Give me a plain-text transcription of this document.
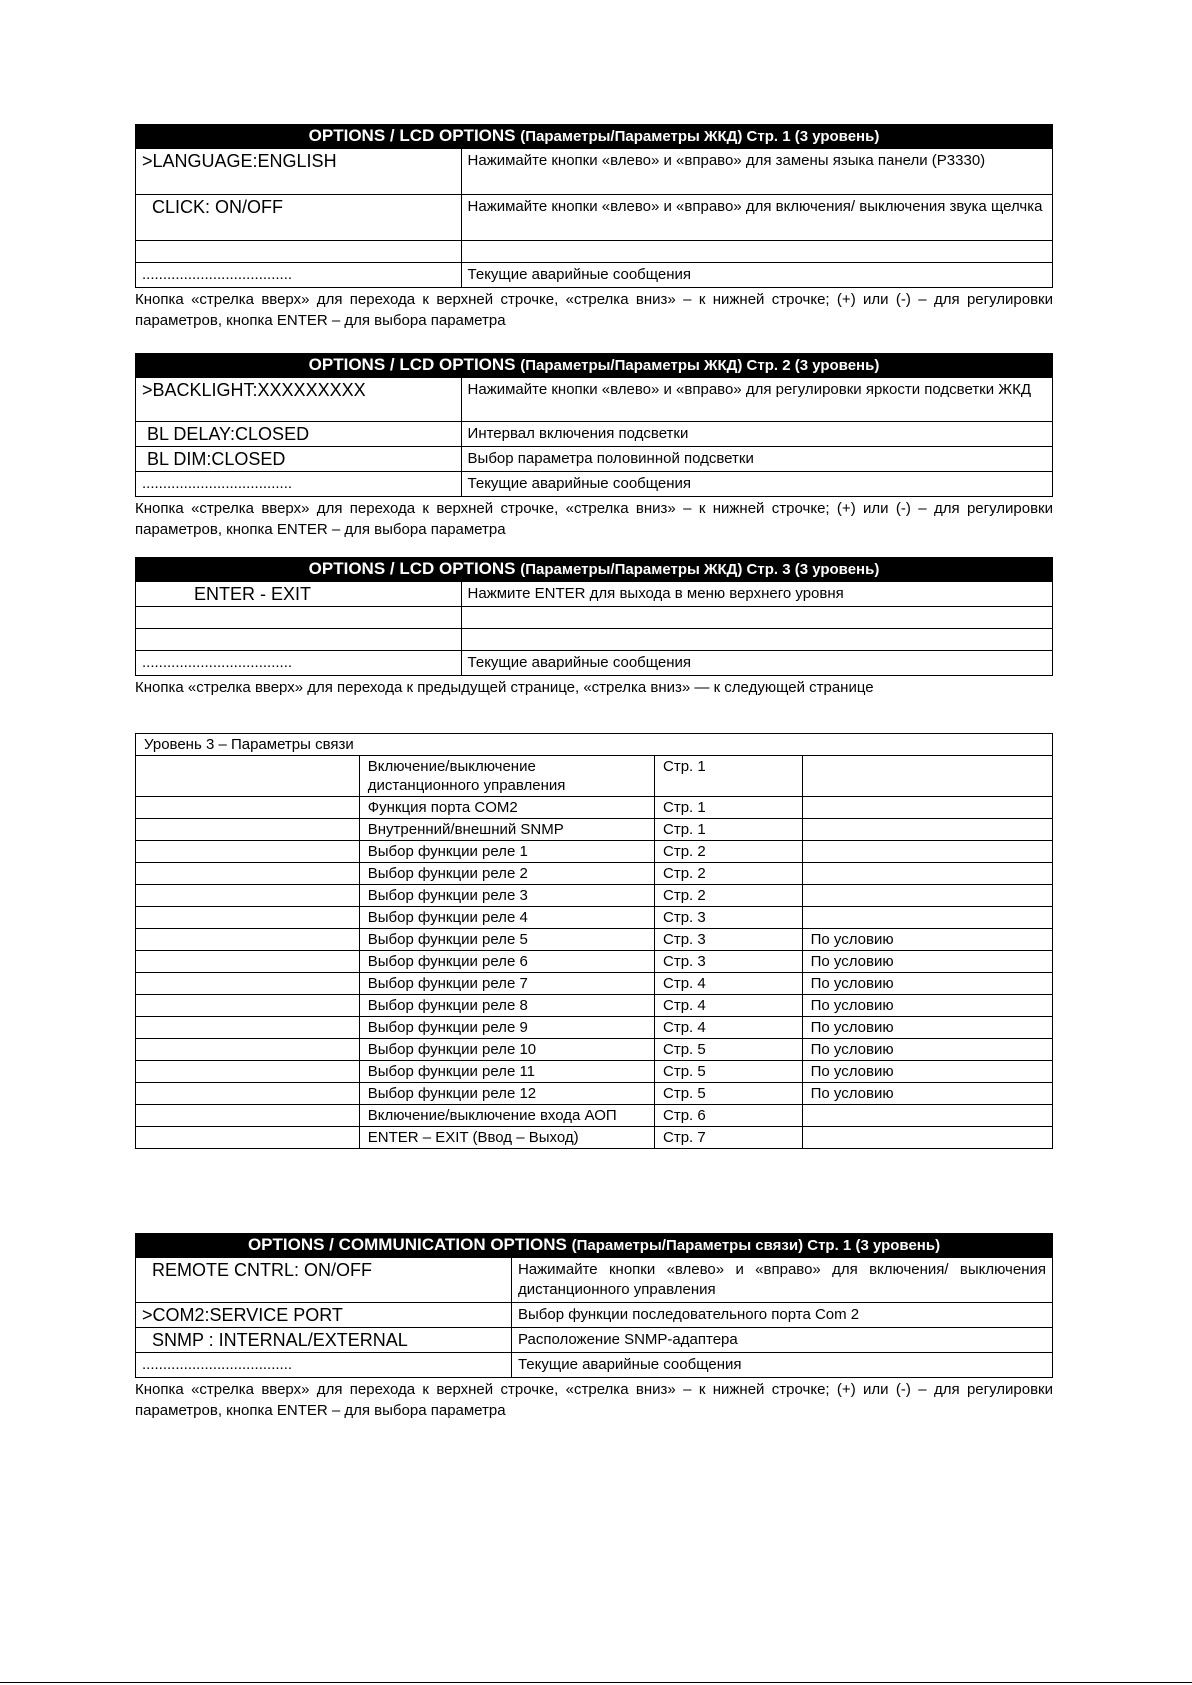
OPTIONS / LCD OPTIONS (Параметры/Параметры ЖКД) Стр. 1 (3 уровень)	
>LANGUAGE:ENGLISH	Нажимайте кнопки «влево» и «вправо» для замены языка панели (P3330)
CLICK: ON/OFF	Нажимайте кнопки «влево» и «вправо» для включения/ выключения звука щелчка

....................................	Текущие аварийные сообщения
Кнопка «стрелка вверх» для перехода к верхней строчке, «стрелка вниз» – к нижней строчке; (+) или (-) – для регулировки параметров, кнопка ENTER – для выбора параметра
OPTIONS / LCD OPTIONS (Параметры/Параметры ЖКД) Стр. 2 (3 уровень)	
>BACKLIGHT:XXXXXXXXX	Нажимайте кнопки «влево» и «вправо» для регулировки яркости подсветки ЖКД
BL DELAY:CLOSED	Интервал включения подсветки
BL DIM:CLOSED	Выбор параметра половинной подсветки
....................................	Текущие аварийные сообщения
Кнопка «стрелка вверх» для перехода к верхней строчке, «стрелка вниз» – к нижней строчке; (+) или (-) – для регулировки параметров, кнопка ENTER – для выбора параметра
OPTIONS / LCD OPTIONS (Параметры/Параметры ЖКД) Стр. 3 (3 уровень)	
ENTER - EXIT	Нажмите ENTER для выхода в меню верхнего уровня

....................................	Текущие аварийные сообщения
Кнопка «стрелка вверх» для перехода к предыдущей странице, «стрелка вниз» — к следующей странице
Уровень 3 – Параметры связи			
	Включение/выключение дистанционного управления	Стр. 1	
	Функция порта COM2	Стр. 1	
	Внутренний/внешний SNMP	Стр. 1	
	Выбор функции реле 1	Стр. 2	
	Выбор функции реле 2	Стр. 2	
	Выбор функции реле 3	Стр. 2	
	Выбор функции реле 4	Стр. 3	
	Выбор функции реле 5	Стр. 3	По условию
	Выбор функции реле 6	Стр. 3	По условию
	Выбор функции реле 7	Стр. 4	По условию
	Выбор функции реле 8	Стр. 4	По условию
	Выбор функции реле 9	Стр. 4	По условию
	Выбор функции реле 10	Стр. 5	По условию
	Выбор функции реле 11	Стр. 5	По условию
	Выбор функции реле 12	Стр. 5	По условию
	Включение/выключение входа АОП	Стр. 6	
	ENTER – EXIT (Ввод – Выход)	Стр. 7	
OPTIONS / COMMUNICATION OPTIONS (Параметры/Параметры связи) Стр. 1 (3 уровень)	
REMOTE CNTRL: ON/OFF	Нажимайте кнопки «влево» и «вправо» для включения/ выключения дистанционного управления
>COM2:SERVICE PORT	Выбор функции последовательного порта Com 2
SNMP : INTERNAL/EXTERNAL	Расположение SNMP-адаптера
....................................	Текущие аварийные сообщения
Кнопка «стрелка вверх» для перехода к верхней строчке, «стрелка вниз» – к нижней строчке; (+) или (-) – для регулировки параметров, кнопка ENTER – для выбора параметра
